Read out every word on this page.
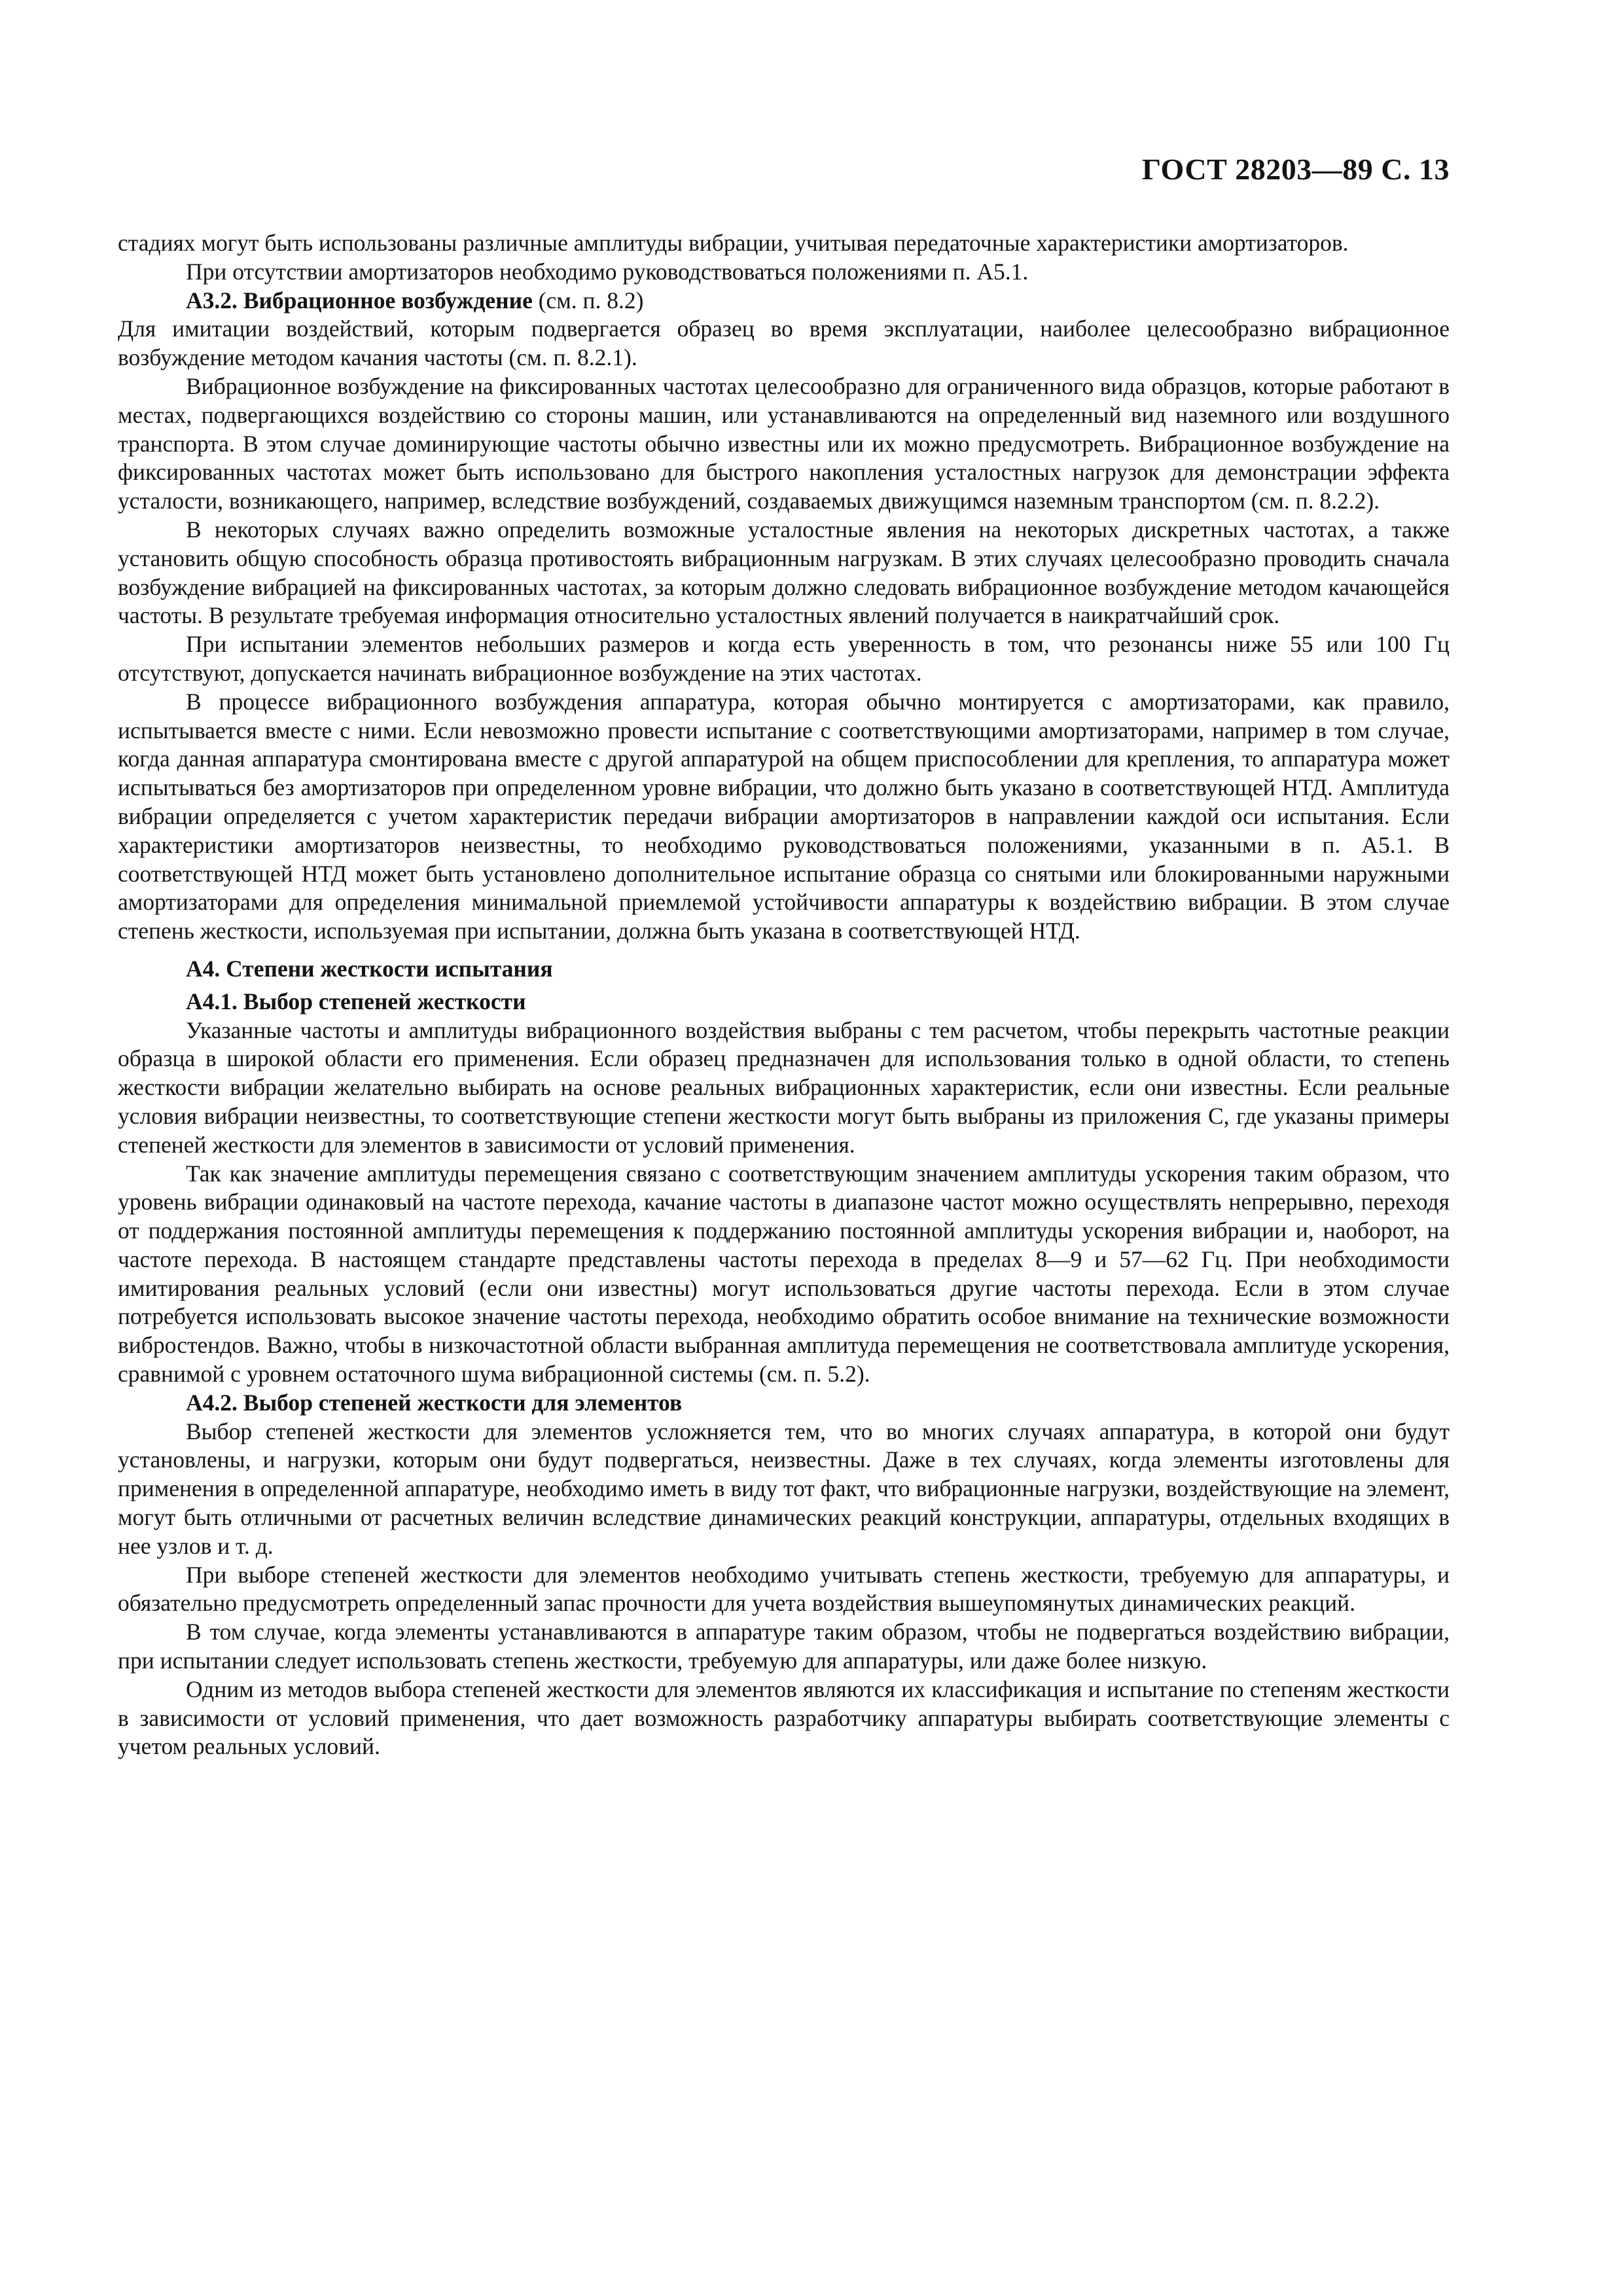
ГОСТ 28203—89 С. 13

стадиях могут быть использованы различные амплитуды вибрации, учитывая передаточные характеристики амортизаторов.

При отсутствии амортизаторов необходимо руководствоваться положениями п. А5.1.

А3.2. Вибрационное возбуждение (см. п. 8.2)

Для имитации воздействий, которым подвергается образец во время эксплуатации, наиболее целесообразно вибрационное возбуждение методом качания частоты (см. п. 8.2.1).

Вибрационное возбуждение на фиксированных частотах целесообразно для ограниченного вида образцов, которые работают в местах, подвергающихся воздействию со стороны машин, или устанавливаются на определенный вид наземного или воздушного транспорта. В этом случае доминирующие частоты обычно известны или их можно предусмотреть. Вибрационное возбуждение на фиксированных частотах может быть использовано для быстрого накопления усталостных нагрузок для демонстрации эффекта усталости, возникающего, например, вследствие возбуждений, создаваемых движущимся наземным транспортом (см. п. 8.2.2).

В некоторых случаях важно определить возможные усталостные явления на некоторых дискретных частотах, а также установить общую способность образца противостоять вибрационным нагрузкам. В этих случаях целесообразно проводить сначала возбуждение вибрацией на фиксированных частотах, за которым должно следовать вибрационное возбуждение методом качающейся частоты. В результате требуемая информация относительно усталостных явлений получается в наикратчайший срок.

При испытании элементов небольших размеров и когда есть уверенность в том, что резонансы ниже 55 или 100 Гц отсутствуют, допускается начинать вибрационное возбуждение на этих частотах.

В процессе вибрационного возбуждения аппаратура, которая обычно монтируется с амортизаторами, как правило, испытывается вместе с ними. Если невозможно провести испытание с соответствующими амортизаторами, например в том случае, когда данная аппаратура смонтирована вместе с другой аппаратурой на общем приспособлении для крепления, то аппаратура может испытываться без амортизаторов при определенном уровне вибрации, что должно быть указано в соответствующей НТД. Амплитуда вибрации определяется с учетом характеристик передачи вибрации амортизаторов в направлении каждой оси испытания. Если характеристики амортизаторов неизвестны, то необходимо руководствоваться положениями, указанными в п. А5.1. В соответствующей НТД может быть установлено дополнительное испытание образца со снятыми или блокированными наружными амортизаторами для определения минимальной приемлемой устойчивости аппаратуры к воздействию вибрации. В этом случае степень жесткости, используемая при испытании, должна быть указана в соответствующей НТД.

А4. Степени жесткости испытания

А4.1. Выбор степеней жесткости

Указанные частоты и амплитуды вибрационного воздействия выбраны с тем расчетом, чтобы перекрыть частотные реакции образца в широкой области его применения. Если образец предназначен для использования только в одной области, то степень жесткости вибрации желательно выбирать на основе реальных вибрационных характеристик, если они известны. Если реальные условия вибрации неизвестны, то соответствующие степени жесткости могут быть выбраны из приложения С, где указаны примеры степеней жесткости для элементов в зависимости от условий применения.

Так как значение амплитуды перемещения связано с соответствующим значением амплитуды ускорения таким образом, что уровень вибрации одинаковый на частоте перехода, качание частоты в диапазоне частот можно осуществлять непрерывно, переходя от поддержания постоянной амплитуды перемещения к поддержанию постоянной амплитуды ускорения вибрации и, наоборот, на частоте перехода. В настоящем стандарте представлены частоты перехода в пределах 8—9 и 57—62 Гц. При необходимости имитирования реальных условий (если они известны) могут использоваться другие частоты перехода. Если в этом случае потребуется использовать высокое значение частоты перехода, необходимо обратить особое внимание на технические возможности вибростендов. Важно, чтобы в низкочастотной области выбранная амплитуда перемещения не соответствовала амплитуде ускорения, сравнимой с уровнем остаточного шума вибрационной системы (см. п. 5.2).

А4.2. Выбор степеней жесткости для элементов

Выбор степеней жесткости для элементов усложняется тем, что во многих случаях аппаратура, в которой они будут установлены, и нагрузки, которым они будут подвергаться, неизвестны. Даже в тех случаях, когда элементы изготовлены для применения в определенной аппаратуре, необходимо иметь в виду тот факт, что вибрационные нагрузки, воздействующие на элемент, могут быть отличными от расчетных величин вследствие динамических реакций конструкции, аппаратуры, отдельных входящих в нее узлов и т. д.

При выборе степеней жесткости для элементов необходимо учитывать степень жесткости, требуемую для аппаратуры, и обязательно предусмотреть определенный запас прочности для учета воздействия вышеупомянутых динамических реакций.

В том случае, когда элементы устанавливаются в аппаратуре таким образом, чтобы не подвергаться воздействию вибрации, при испытании следует использовать степень жесткости, требуемую для аппаратуры, или даже более низкую.

Одним из методов выбора степеней жесткости для элементов являются их классификация и испытание по степеням жесткости в зависимости от условий применения, что дает возможность разработчику аппаратуры выбирать соответствующие элементы с учетом реальных условий.
